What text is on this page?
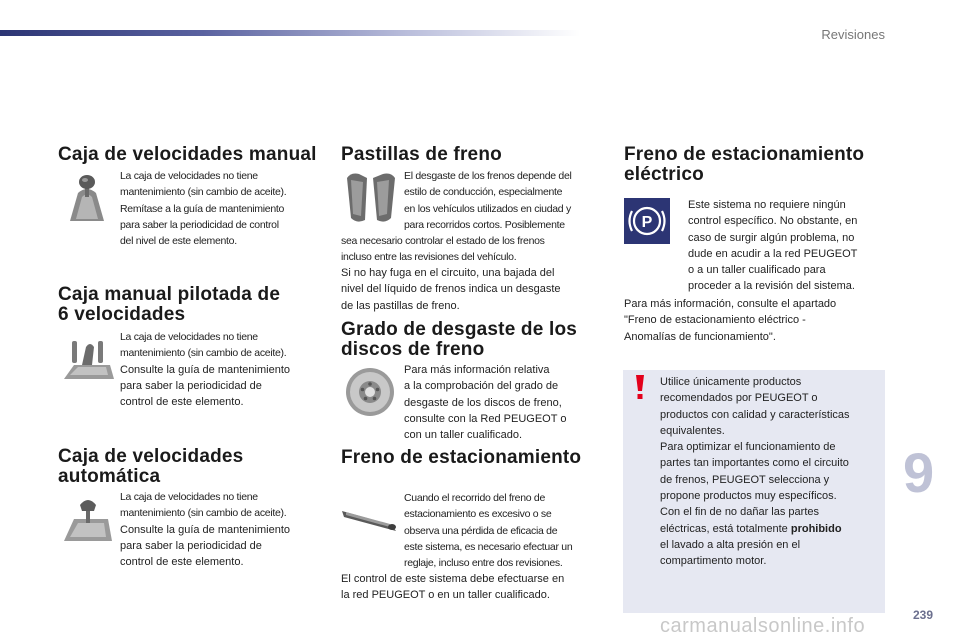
Revisiones
Caja de velocidades manual
La caja de velocidades no tiene
mantenimiento (sin cambio de aceite).
Remítase a la guía de mantenimiento
para saber la periodicidad de control
del nivel de este elemento.
Caja manual pilotada de
6 velocidades
La caja de velocidades no tiene
mantenimiento (sin cambio de aceite).
Consulte la guía de mantenimiento
para saber la periodicidad de
control de este elemento.
Caja de velocidades
automática
La caja de velocidades no tiene
mantenimiento (sin cambio de aceite).
Consulte la guía de mantenimiento
para saber la periodicidad de
control de este elemento.
Pastillas de freno
El desgaste de los frenos depende del
estilo de conducción, especialmente
en los vehículos utilizados en ciudad y
para recorridos cortos. Posiblemente
sea necesario controlar el estado de los frenos
incluso entre las revisiones del vehículo.
Si no hay fuga en el circuito, una bajada del
nivel del líquido de frenos indica un desgaste
de las pastillas de freno.
Grado de desgaste de los
discos de freno
Para más información relativa
a la comprobación del grado de
desgaste de los discos de freno,
consulte con la Red PEUGEOT o
con un taller cualificado.
Freno de estacionamiento
Cuando el recorrido del freno de
estacionamiento es excesivo o se
observa una pérdida de eficacia de
este sistema, es necesario efectuar un
reglaje, incluso entre dos revisiones.
El control de este sistema debe efectuarse en
la red PEUGEOT o en un taller cualificado.
Freno de estacionamiento
eléctrico
P
Este sistema no requiere ningún
control específico. No obstante, en
caso de surgir algún problema, no
dude en acudir a la red PEUGEOT
o a un taller cualificado para
proceder a la revisión del sistema.
Para más información, consulte el apartado
"Freno de estacionamiento eléctrico -
Anomalías de funcionamiento".
Utilice únicamente productos
recomendados por PEUGEOT o
productos con calidad y características
equivalentes.
Para optimizar el funcionamiento de
partes tan importantes como el circuito
de frenos, PEUGEOT selecciona y
propone productos muy específicos.
Con el fin de no dañar las partes
eléctricas, está totalmente prohibido
el lavado a alta presión en el
compartimento motor.
9
239
carmanualsonline.info
